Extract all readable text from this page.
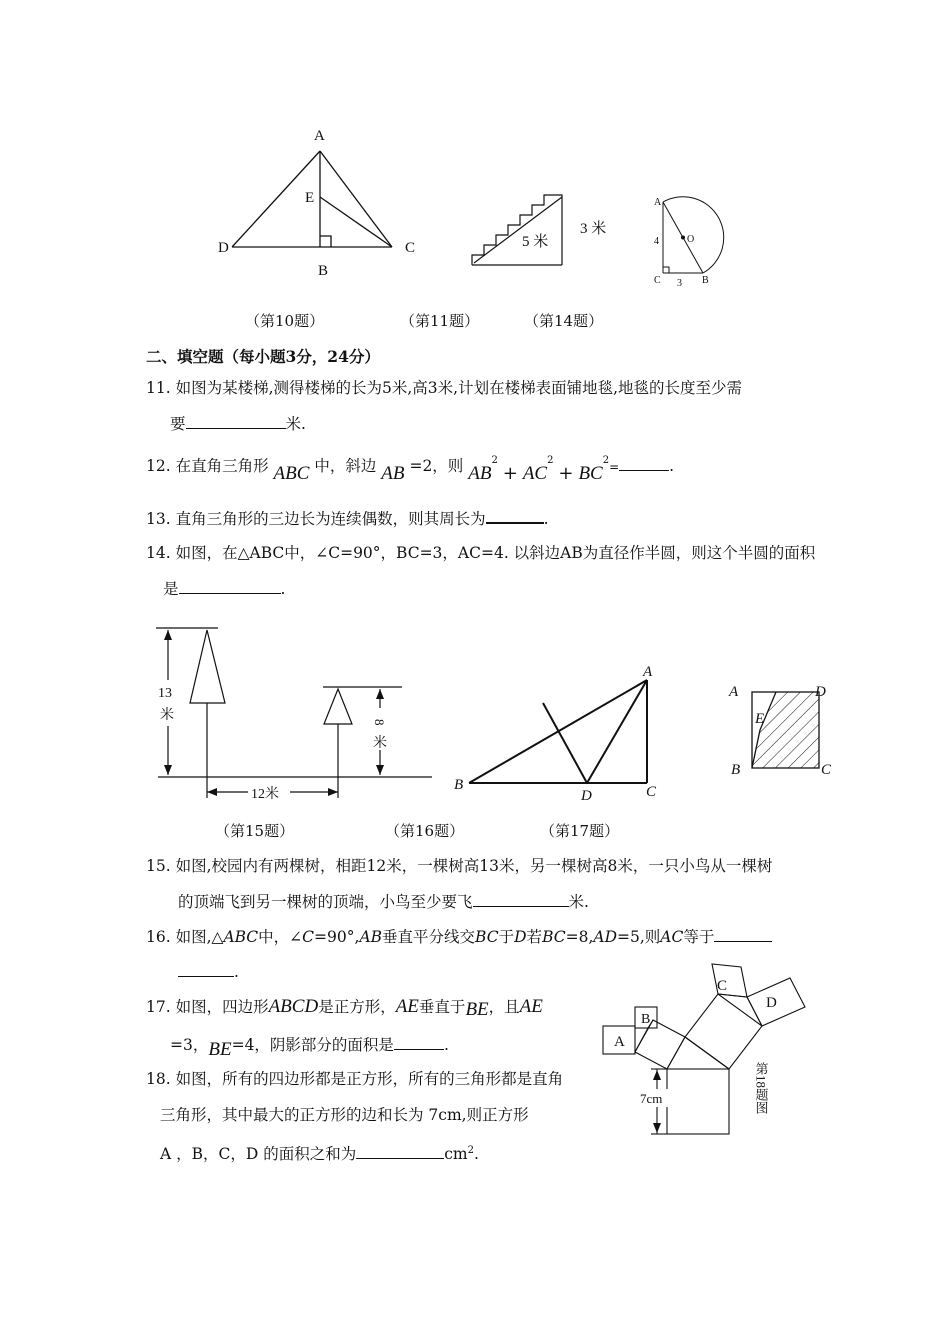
A
E
D
B
C	5 米
3 米
A
O
C	B
4
3
（第10题）	（第11题）	（第14题）
二、填空题（每小题3分，24分）
11. 如图为某楼梯,测得楼梯的长为5米,高3米,计划在楼梯表面铺地毯,地毯的长度至少需
要	米.
12. 在直角三角形 ABC 中，斜边 AB =2，则 $AB^2 + AC^2 + BC^2=$	.
13. 直角三角形的三边长为连续偶数，则其周长为	.
14. 如图，在△ABC中，∠C=90°，BC=3，AC=4. 以斜边AB为直径作半圆，则这个半圆的面积
是	.
13
米	8
米
12米
A
B
D	C
A	D
E
B	C
（第15题）	（第16题）	（第17题）
15. 如图,校园内有两棵树，相距12米，一棵树高13米，另一棵树高8米，一只小鸟从一棵树
的顶端飞到另一棵树的顶端，小鸟至少要飞	米.
16. 如图,△ABC中，∠C=90°,AB垂直平分线交BC于D若BC=8,AD=5,则AC等于
.
17. 如图，四边形ABCD是正方形，AE垂直于BE，且AE
=3，BE=4，阴影部分的面积是	.
18. 如图，所有的四边形都是正方形，所有的三角形都是直角
三角形，其中最大的正方形的边和长为 7cm,则正方形
A ，B，C，D 的面积之和为	$cm^2$.
7cm
A
B
C
D
第18题图
